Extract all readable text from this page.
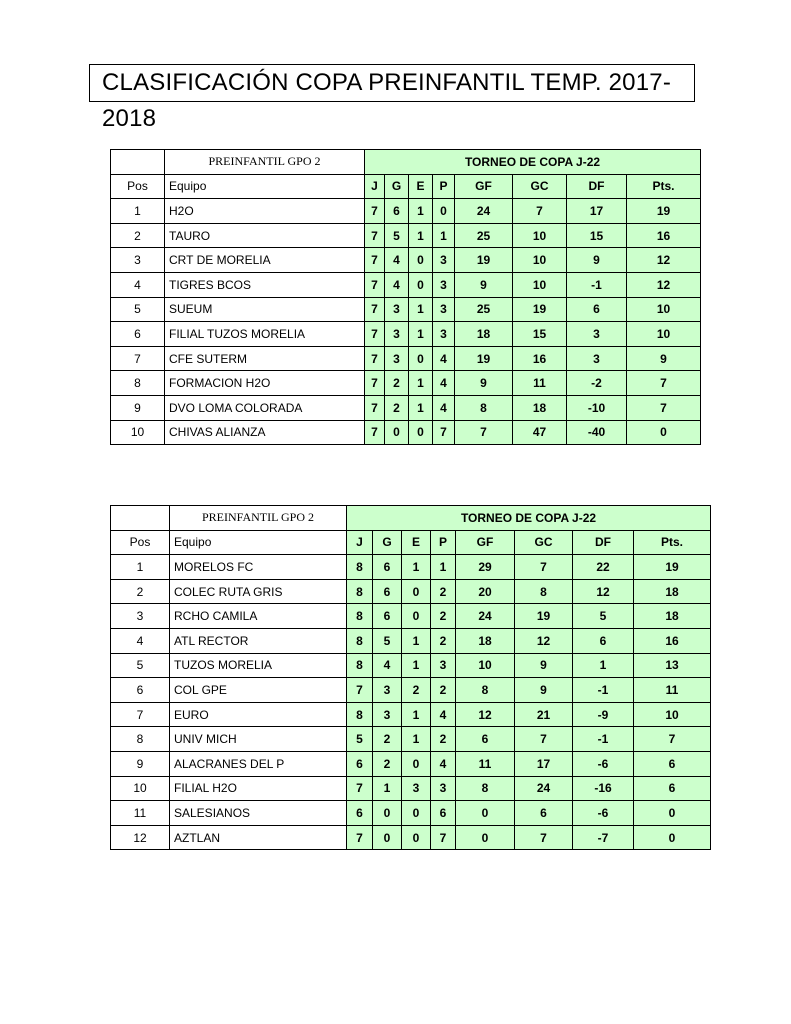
CLASIFICACIÓN COPA PREINFANTIL TEMP. 2017-2018
	PREINFANTIL GPO 2	TORNEO DE COPA J-22							
Pos	Equipo	J	G	E	P	GF	GC	DF	Pts.
1	H2O	7	6	1	0	24	7	17	19
2	TAURO	7	5	1	1	25	10	15	16
3	CRT DE MORELIA	7	4	0	3	19	10	9	12
4	TIGRES BCOS	7	4	0	3	9	10	-1	12
5	SUEUM	7	3	1	3	25	19	6	10
6	FILIAL TUZOS MORELIA	7	3	1	3	18	15	3	10
7	CFE SUTERM	7	3	0	4	19	16	3	9
8	FORMACION H2O	7	2	1	4	9	11	-2	7
9	DVO LOMA COLORADA	7	2	1	4	8	18	-10	7
10	CHIVAS ALIANZA	7	0	0	7	7	47	-40	0
	PREINFANTIL GPO 2	TORNEO DE COPA J-22							
Pos	Equipo	J	G	E	P	GF	GC	DF	Pts.
1	MORELOS FC	8	6	1	1	29	7	22	19
2	COLEC RUTA GRIS	8	6	0	2	20	8	12	18
3	RCHO CAMILA	8	6	0	2	24	19	5	18
4	ATL RECTOR	8	5	1	2	18	12	6	16
5	TUZOS MORELIA	8	4	1	3	10	9	1	13
6	COL GPE	7	3	2	2	8	9	-1	11
7	EURO	8	3	1	4	12	21	-9	10
8	UNIV MICH	5	2	1	2	6	7	-1	7
9	ALACRANES DEL P	6	2	0	4	11	17	-6	6
10	FILIAL H2O	7	1	3	3	8	24	-16	6
11	SALESIANOS	6	0	0	6	0	6	-6	0
12	AZTLAN	7	0	0	7	0	7	-7	0
